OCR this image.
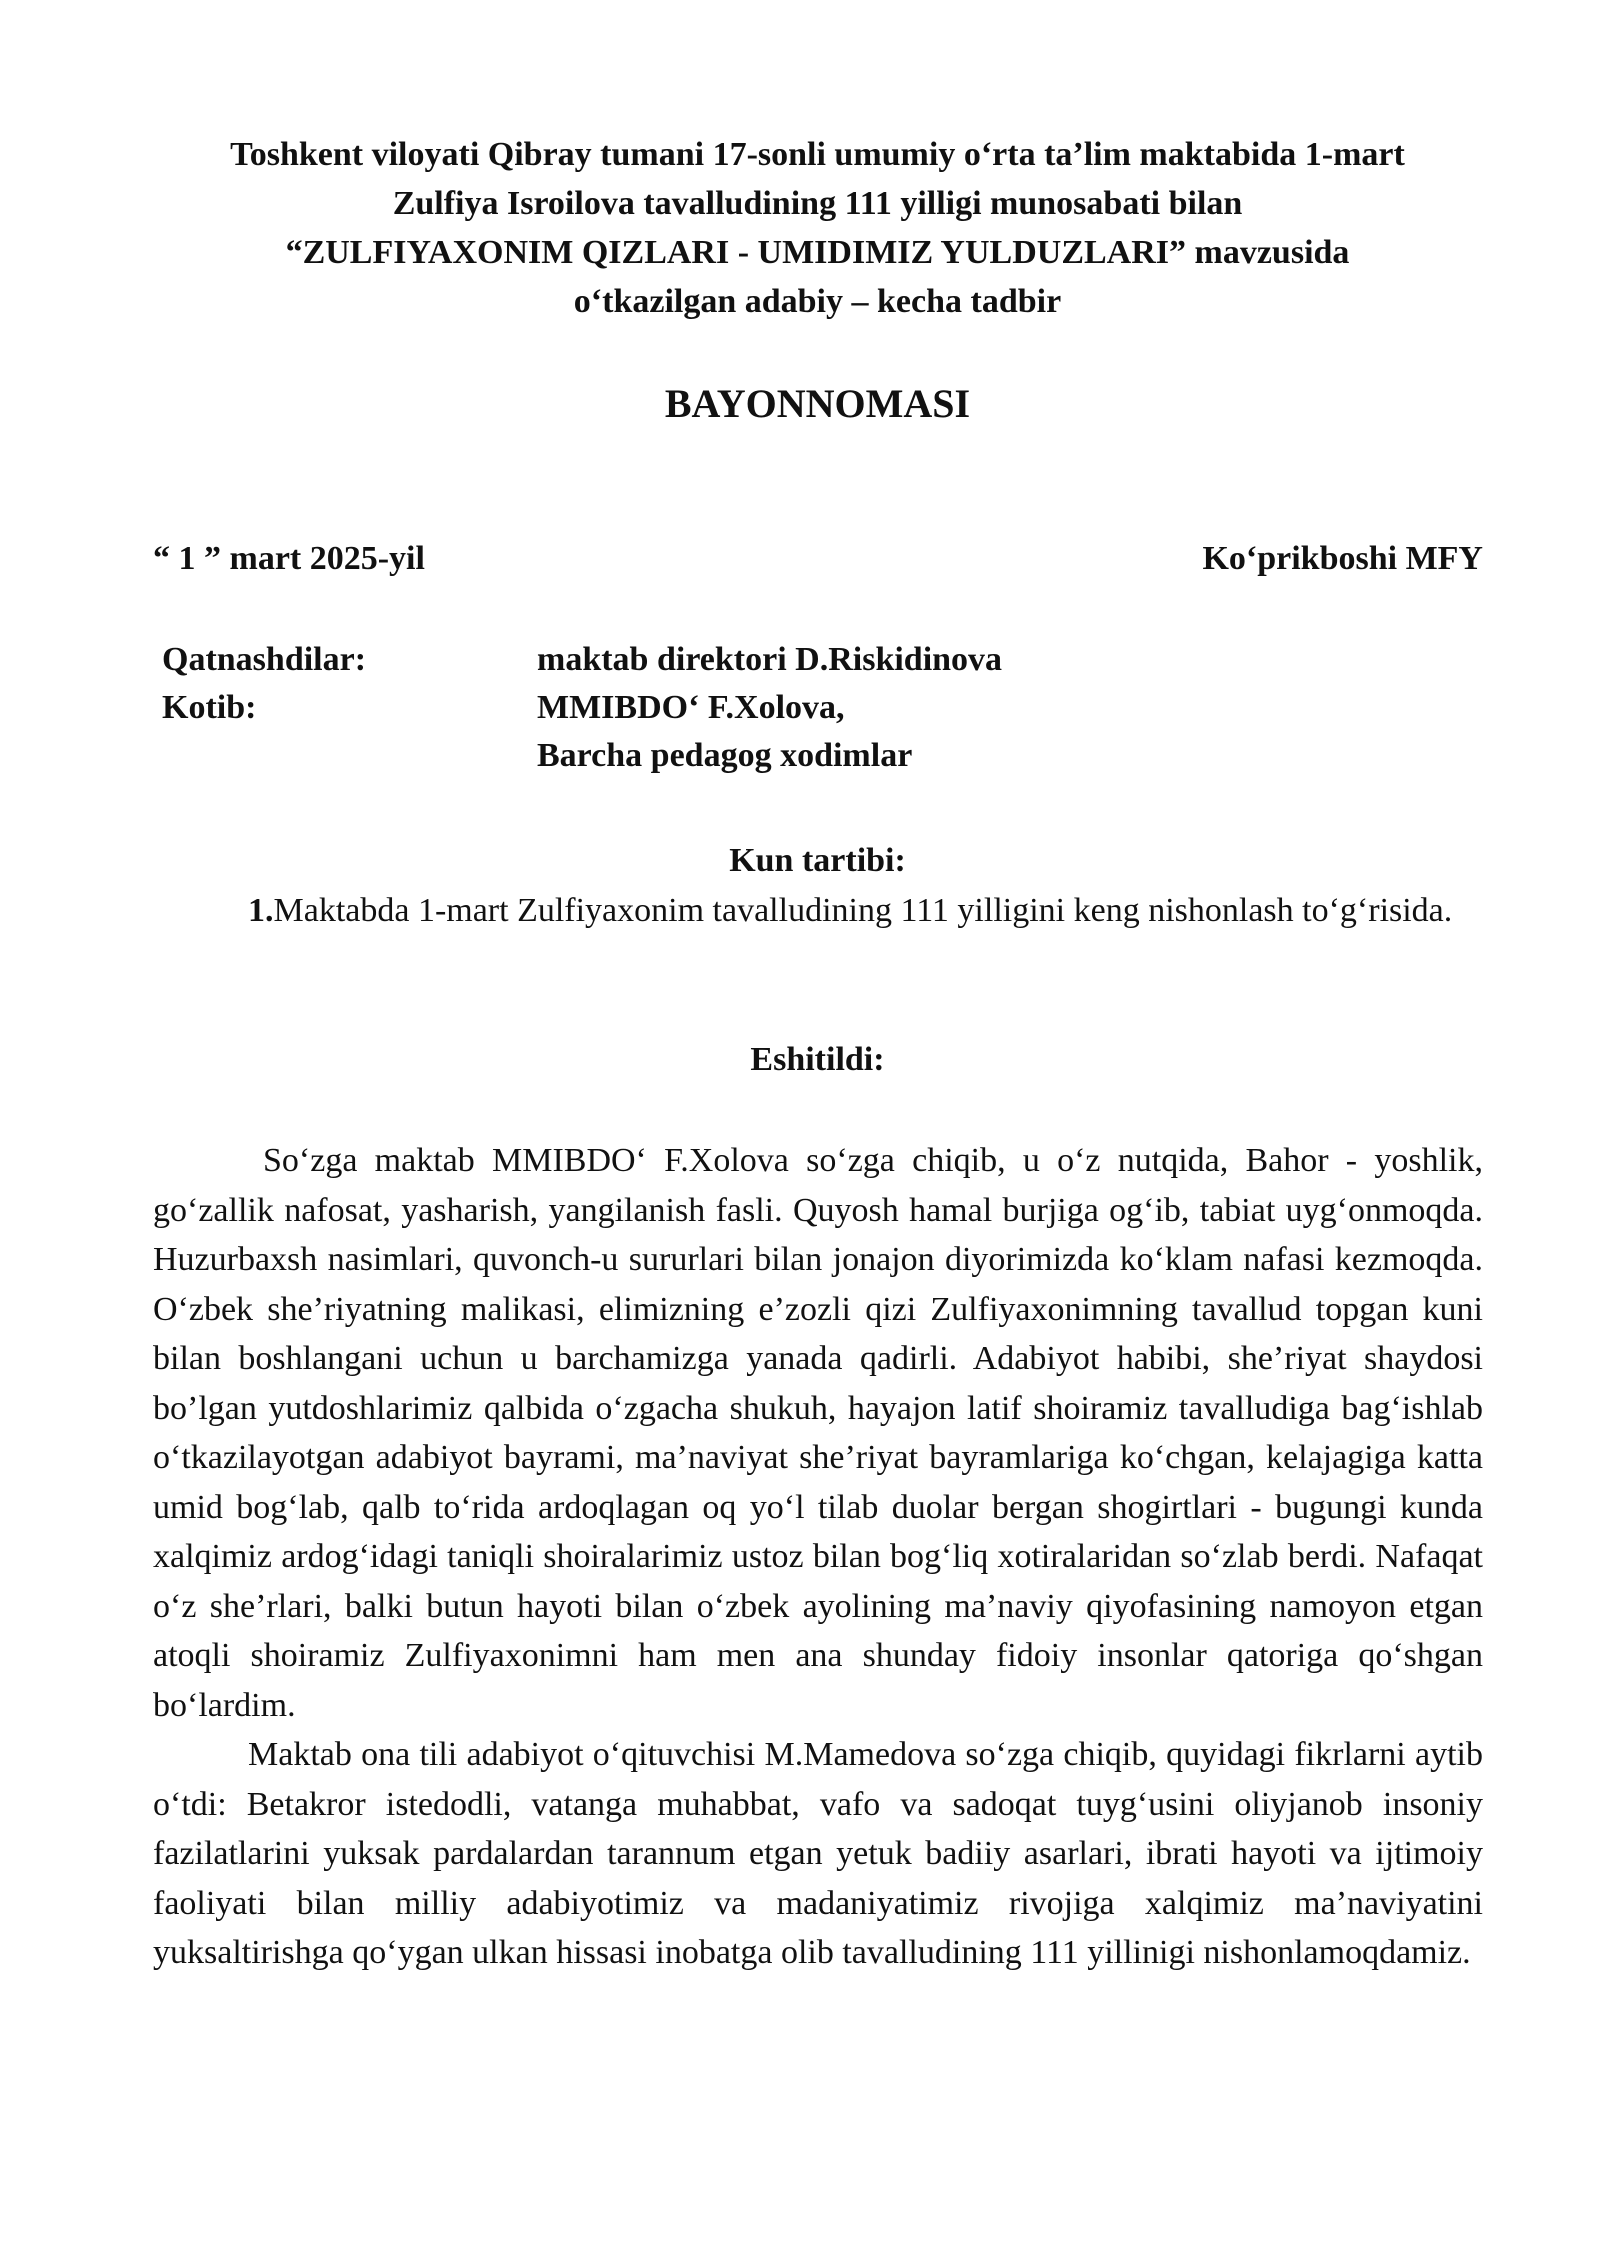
Toshkent viloyati Qibray tumani 17-sonli umumiy o‘rta ta’lim maktabida 1-mart
Zulfiya Isroilova tavalludining 111 yilligi munosabati bilan
“ZULFIYAXONIM QIZLARI - UMIDIMIZ YULDUZLARI” mavzusida
o‘tkazilgan adabiy – kecha tadbir
BAYONNOMASI
“ 1 ” mart 2025-yil	Ko‘prikboshi MFY
Qatnashdilar:	maktab direktori D.Riskidinova
Kotib:	MMIBDO‘ F.Xolova,
Barcha pedagog xodimlar
Kun tartibi:
1.Maktabda 1-mart Zulfiyaxonim tavalludining 111 yilligini keng nishonlash to‘g‘risida.
Eshitildi:

So‘zga maktab MMIBDO‘ F.Xolova so‘zga chiqib, u o‘z nutqida, Bahor - yoshlik, go‘zallik nafosat, yasharish, yangilanish fasli. Quyosh hamal burjiga og‘ib, tabiat uyg‘onmoqda. Huzurbaxsh nasimlari, quvonch-u sururlari bilan jonajon diyorimizda ko‘klam nafasi kezmoqda. O‘zbek she’riyatning malikasi, elimizning e’zozli qizi Zulfiyaxonimning tavallud topgan kuni bilan boshlangani uchun u barchamizga yanada qadirli. Adabiyot habibi, she’riyat shaydosi bo’lgan yutdoshlarimiz qalbida o‘zgacha shukuh, hayajon latif shoiramiz tavalludiga bag‘ishlab o‘tkazilayotgan adabiyot bayrami, ma’naviyat she’riyat bayramlariga ko‘chgan, kelajagiga katta umid bog‘lab, qalb to‘rida ardoqlagan oq yo‘l tilab duolar bergan shogirtlari - bugungi kunda xalqimiz ardog‘idagi taniqli shoiralarimiz ustoz bilan bog‘liq xotiralaridan so‘zlab berdi. Nafaqat o‘z she’rlari, balki butun hayoti bilan o‘zbek ayolining ma’naviy qiyofasining namoyon etgan atoqli shoiramiz Zulfiyaxonimni ham men ana shunday fidoiy insonlar qatoriga qo‘shgan bo‘lardim.

Maktab ona tili adabiyot o‘qituvchisi M.Mamedova so‘zga chiqib, quyidagi fikrlarni aytib o‘tdi: Betakror istedodli, vatanga muhabbat, vafo va sadoqat tuyg‘usini oliyjanob insoniy fazilatlarini yuksak pardalardan tarannum etgan yetuk badiiy asarlari, ibrati hayoti va ijtimoiy faoliyati bilan milliy adabiyotimiz va madaniyatimiz rivojiga xalqimiz ma’naviyatini yuksaltirishga qo‘ygan ulkan hissasi inobatga olib tavalludining 111 yillinigi nishonlamoqdamiz.
